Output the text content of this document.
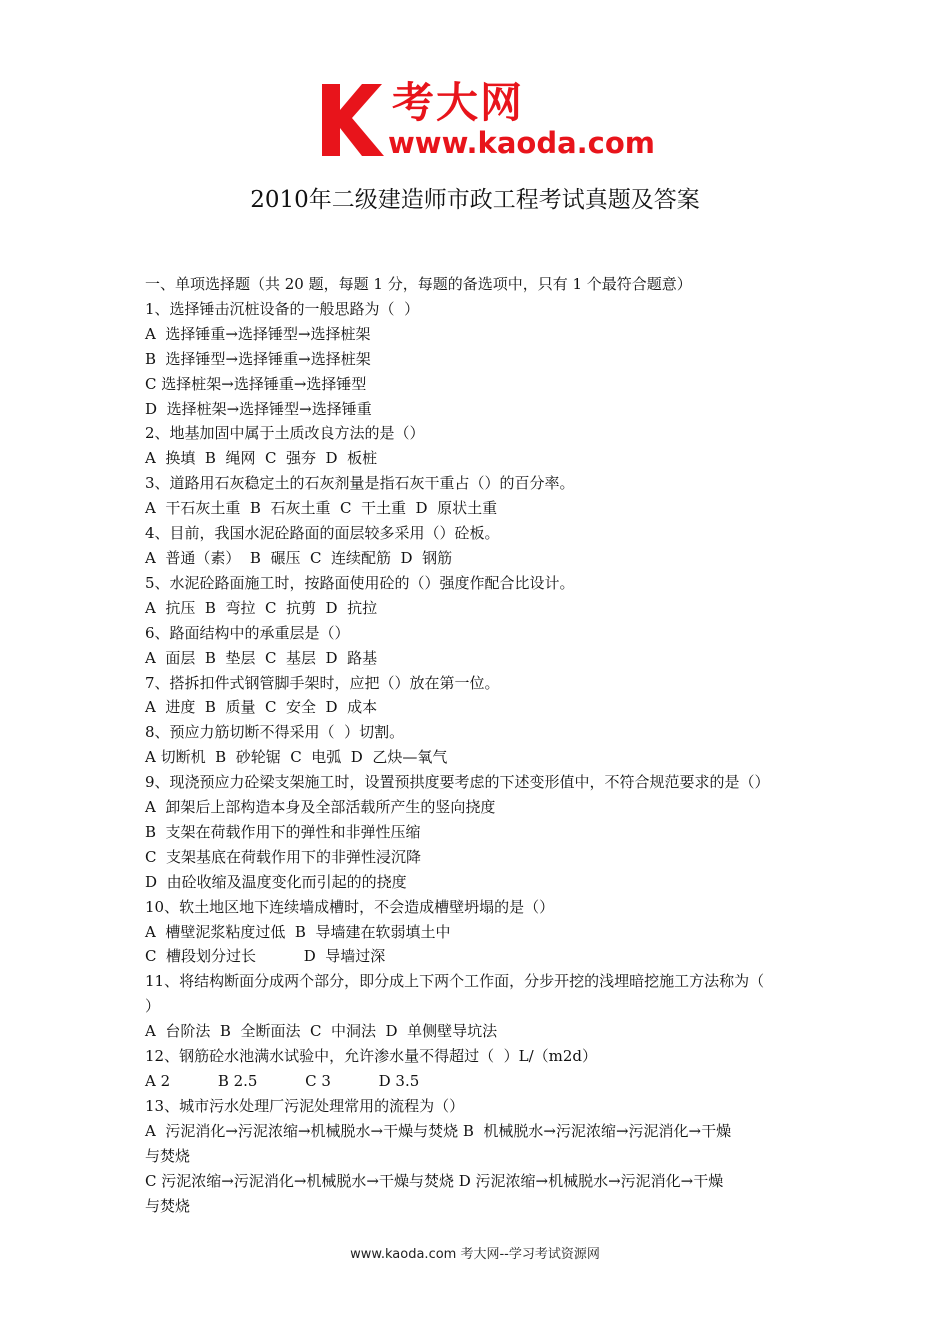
考大网
www.kaoda.com
2010年二级建造师市政工程考试真题及答案
一、单项选择题（共 20 题，每题 1 分，每题的备选项中，只有 1 个最符合题意）
1、选择锤击沉桩设备的一般思路为（  ）
A  选择锤重→选择锤型→选择桩架
B  选择锤型→选择锤重→选择桩架
C 选择桩架→选择锤重→选择锤型
D  选择桩架→选择锤型→选择锤重
2、地基加固中属于土质改良方法的是（）
A  换填  B  绳网  C  强夯  D  板桩
3、道路用石灰稳定土的石灰剂量是指石灰干重占（）的百分率。
A  干石灰土重  B  石灰土重  C  干土重  D  原状土重
4、目前，我国水泥砼路面的面层较多采用（）砼板。
A  普通（素）  B  碾压  C  连续配筋  D  钢筋
5、水泥砼路面施工时，按路面使用砼的（）强度作配合比设计。
A  抗压  B  弯拉  C  抗剪  D  抗拉
6、路面结构中的承重层是（）
A  面层  B  垫层  C  基层  D  路基
7、搭拆扣件式钢管脚手架时，应把（）放在第一位。
A  进度  B  质量  C  安全  D  成本
8、预应力筋切断不得采用（  ）切割。
A 切断机  B  砂轮锯  C  电弧  D  乙炔—氧气
9、现浇预应力砼梁支架施工时，设置预拱度要考虑的下述变形值中，不符合规范要求的是（）
A  卸架后上部构造本身及全部活载所产生的竖向挠度
B  支架在荷载作用下的弹性和非弹性压缩
C  支架基底在荷载作用下的非弹性浸沉降
D  由砼收缩及温度变化而引起的的挠度
10、软土地区地下连续墙成槽时，不会造成槽壁坍塌的是（）
A  槽壁泥浆粘度过低  B  导墙建在软弱填土中
C  槽段划分过长          D  导墙过深
11、将结构断面分成两个部分，即分成上下两个工作面，分步开挖的浅埋暗挖施工方法称为（
）
A  台阶法  B  全断面法  C  中洞法  D  单侧壁导坑法
12、钢筋砼水池满水试验中，允许渗水量不得超过（  ）L/（m2d）
A 2          B 2.5          C 3          D 3.5
13、城市污水处理厂污泥处理常用的流程为（）
A  污泥消化→污泥浓缩→机械脱水→干燥与焚烧 B  机械脱水→污泥浓缩→污泥消化→干燥
与焚烧
C 污泥浓缩→污泥消化→机械脱水→干燥与焚烧 D 污泥浓缩→机械脱水→污泥消化→干燥
与焚烧
www.kaoda.com 考大网--学习考试资源网
